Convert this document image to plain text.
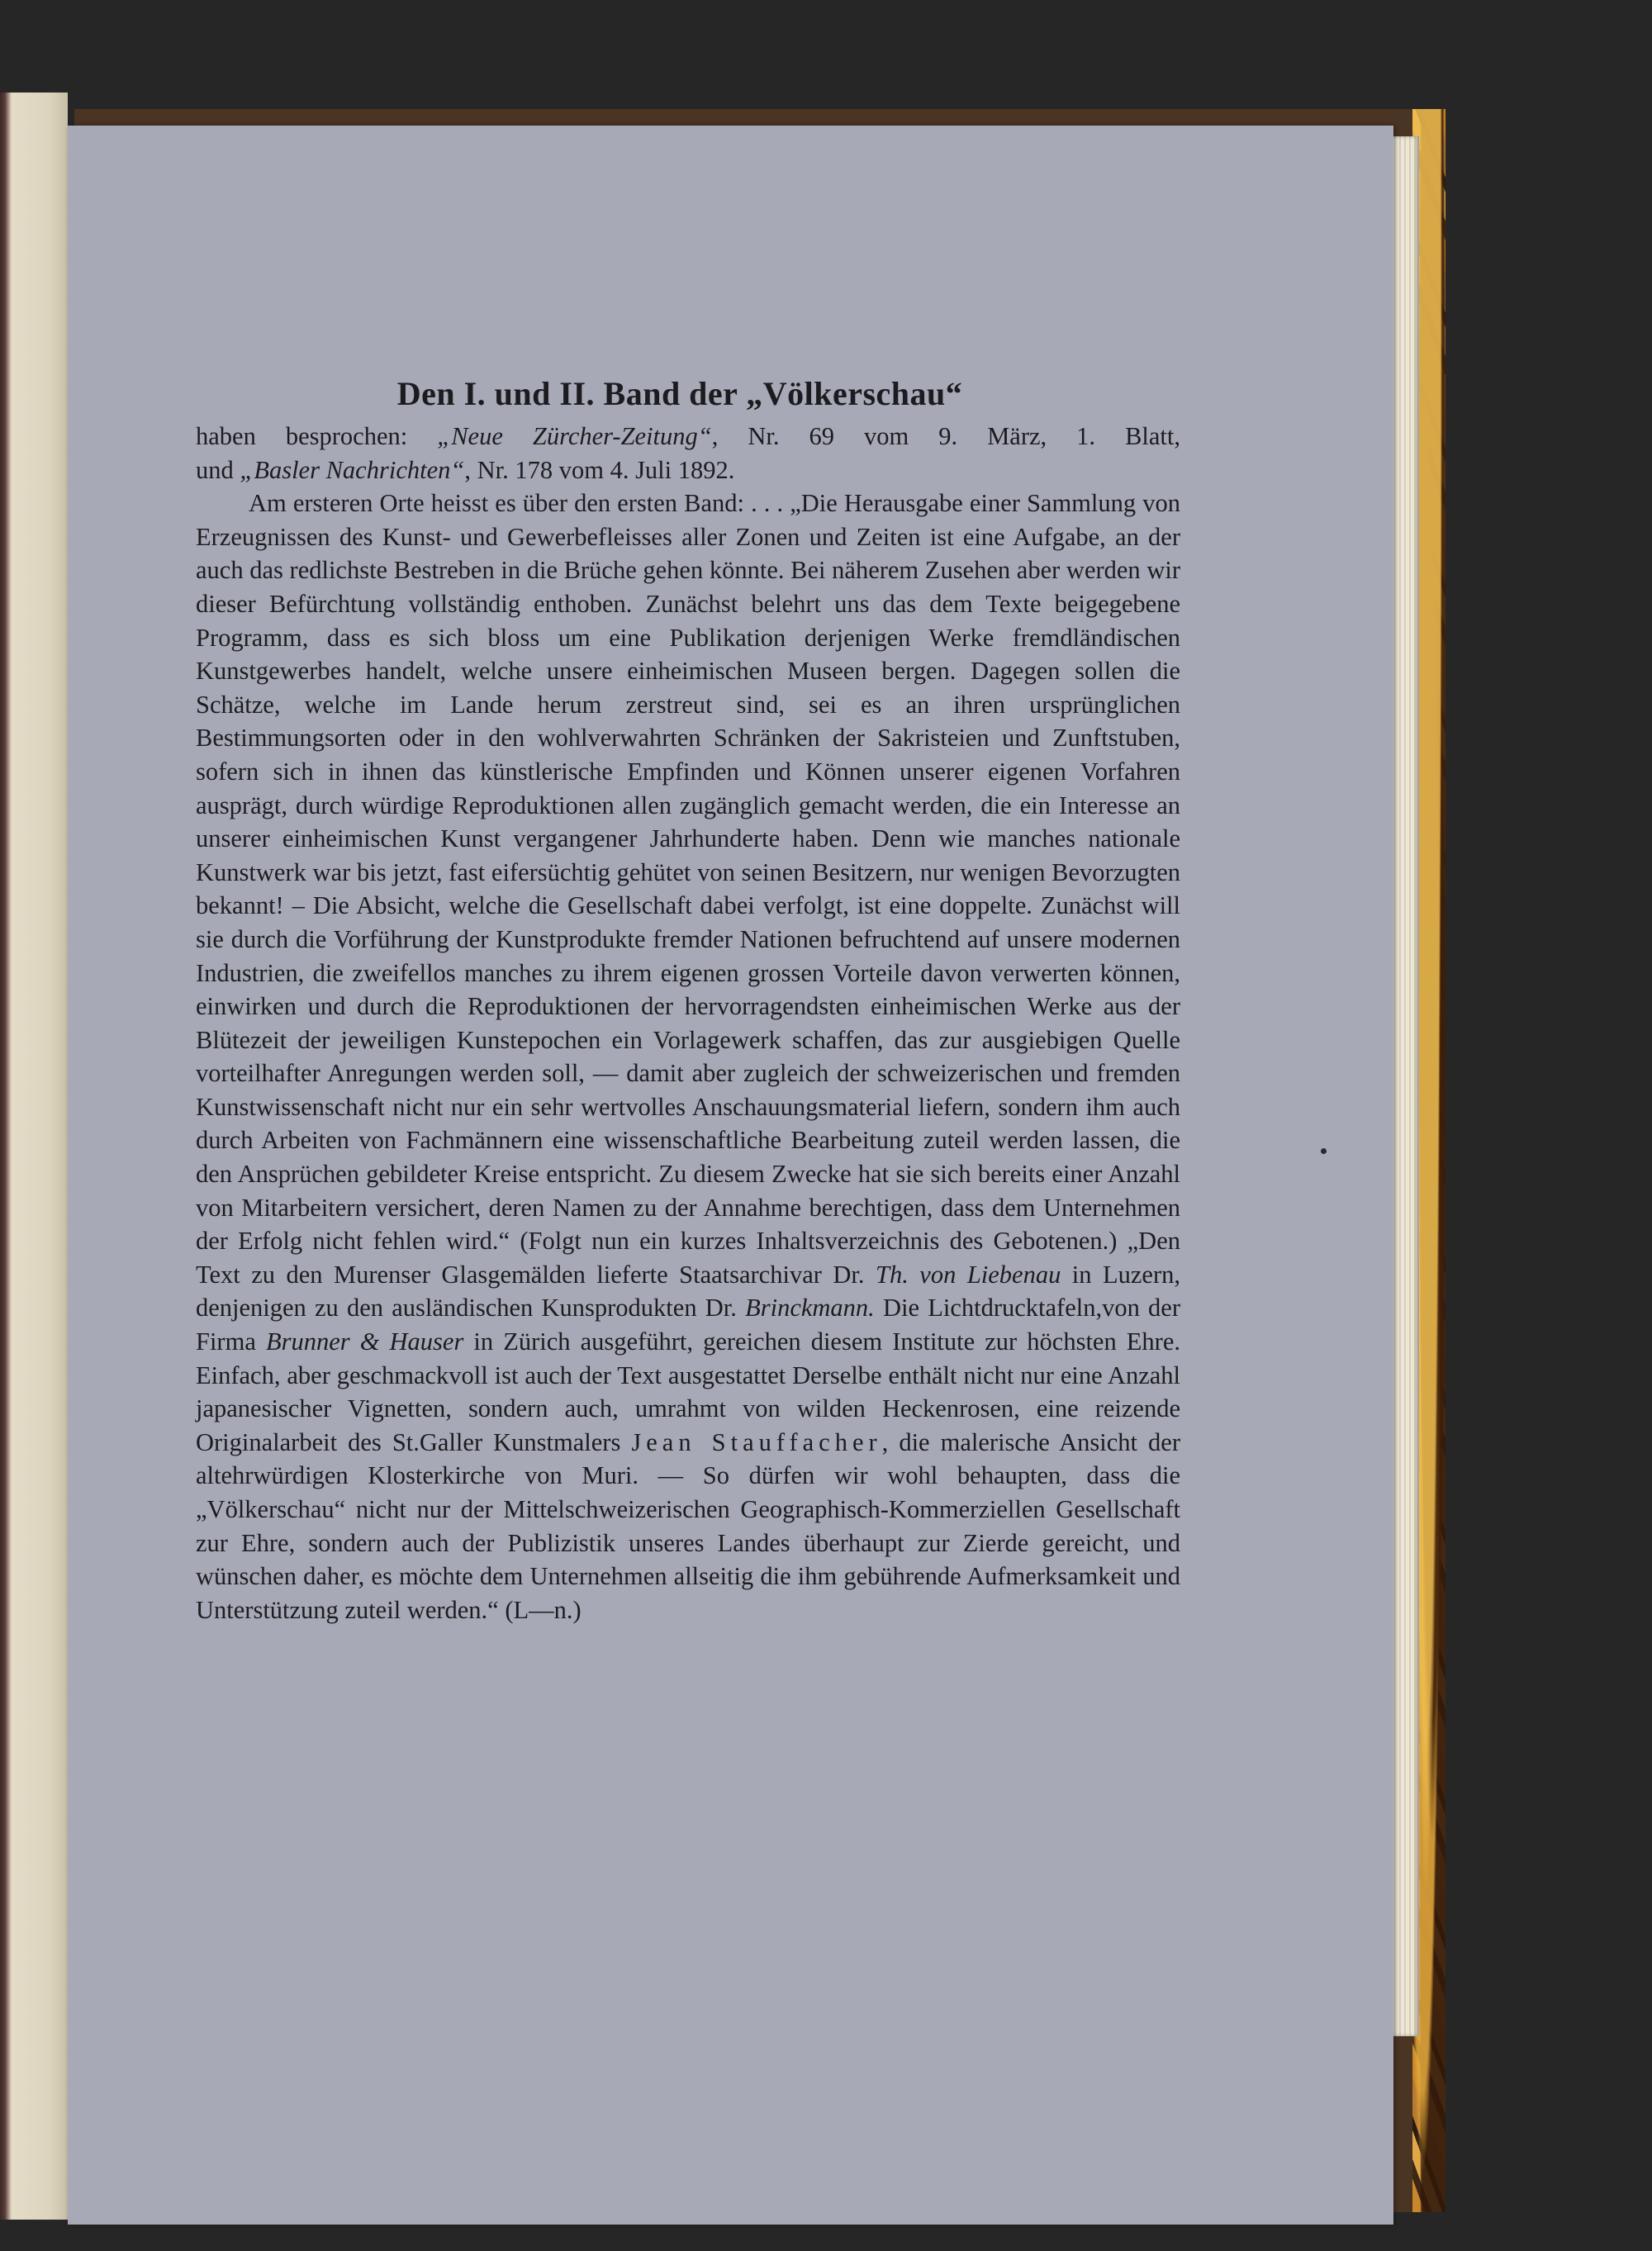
Den I. und II. Band der „Völkerschau“
haben besprochen: „Neue Zürcher-Zeitung“, Nr. 69 vom 9. März, 1. Blatt,
und „Basler Nachrichten“, Nr. 178 vom 4. Juli 1892.

Am ersteren Orte heisst es über den ersten Band: . . . „Die Herausgabe einer Sammlung von Erzeugnissen des Kunst- und Gewerbefleisses aller Zonen und Zeiten ist eine Aufgabe, an der auch das redlichste Bestreben in die Brüche gehen könnte. Bei näherem Zusehen aber werden wir dieser Befürchtung vollständig enthoben. Zunächst belehrt uns das dem Texte beigegebene Programm, dass es sich bloss um eine Publikation derjenigen Werke fremdländischen Kunstgewerbes handelt, welche unsere einheimischen Museen bergen. Dagegen sollen die Schätze, welche im Lande herum zerstreut sind, sei es an ihren ursprünglichen Bestimmungsorten oder in den wohlverwahrten Schränken der Sakristeien und Zunftstuben, sofern sich in ihnen das künstlerische Empfinden und Können unserer eigenen Vorfahren ausprägt, durch würdige Reproduktionen allen zugänglich gemacht werden, die ein Interesse an unserer einheimischen Kunst vergangener Jahrhunderte haben. Denn wie manches nationale Kunstwerk war bis jetzt, fast eifersüchtig gehütet von seinen Besitzern, nur wenigen Bevorzugten bekannt! – Die Absicht, welche die Gesellschaft dabei verfolgt, ist eine doppelte. Zunächst will sie durch die Vorführung der Kunstprodukte fremder Nationen befruchtend auf unsere modernen Industrien, die zweifellos manches zu ihrem eigenen grossen Vorteile davon verwerten können, einwirken und durch die Reproduktionen der hervorragendsten einheimischen Werke aus der Blütezeit der jeweiligen Kunstepochen ein Vorlagewerk schaffen, das zur ausgiebigen Quelle vorteilhafter Anregungen werden soll, — damit aber zugleich der schweizerischen und fremden Kunstwissenschaft nicht nur ein sehr wertvolles Anschauungsmaterial liefern, sondern ihm auch durch Arbeiten von Fachmännern eine wissenschaftliche Bearbeitung zuteil werden lassen, die den Ansprüchen gebildeter Kreise entspricht. Zu diesem Zwecke hat sie sich bereits einer Anzahl von Mitarbeitern versichert, deren Namen zu der Annahme berechtigen, dass dem Unternehmen der Erfolg nicht fehlen wird.“ (Folgt nun ein kurzes Inhaltsverzeichnis des Gebotenen.) „Den Text zu den Murenser Glasgemälden lieferte Staatsarchivar Dr. Th. von Liebenau in Luzern, denjenigen zu den ausländischen Kunsprodukten Dr. Brinckmann. Die Lichtdrucktafeln,von der Firma Brunner & Hauser in Zürich ausgeführt, gereichen diesem Institute zur höchsten Ehre. Einfach, aber geschmackvoll ist auch der Text ausgestattet Derselbe enthält nicht nur eine Anzahl japanesischer Vignetten, sondern auch, umrahmt von wilden Heckenrosen, eine reizende Originalarbeit des St.Galler Kunstmalers Jean Stauffacher, die malerische Ansicht der altehrwürdigen Klosterkirche von Muri. — So dürfen wir wohl behaupten, dass die „Völkerschau“ nicht nur der Mittelschweizerischen Geographisch-Kommerziellen Gesellschaft zur Ehre, sondern auch der Publizistik unseres Landes überhaupt zur Zierde gereicht, und wünschen daher, es möchte dem Unternehmen allseitig die ihm gebührende Aufmerksamkeit und Unterstützung zuteil werden.“ (L—n.)
